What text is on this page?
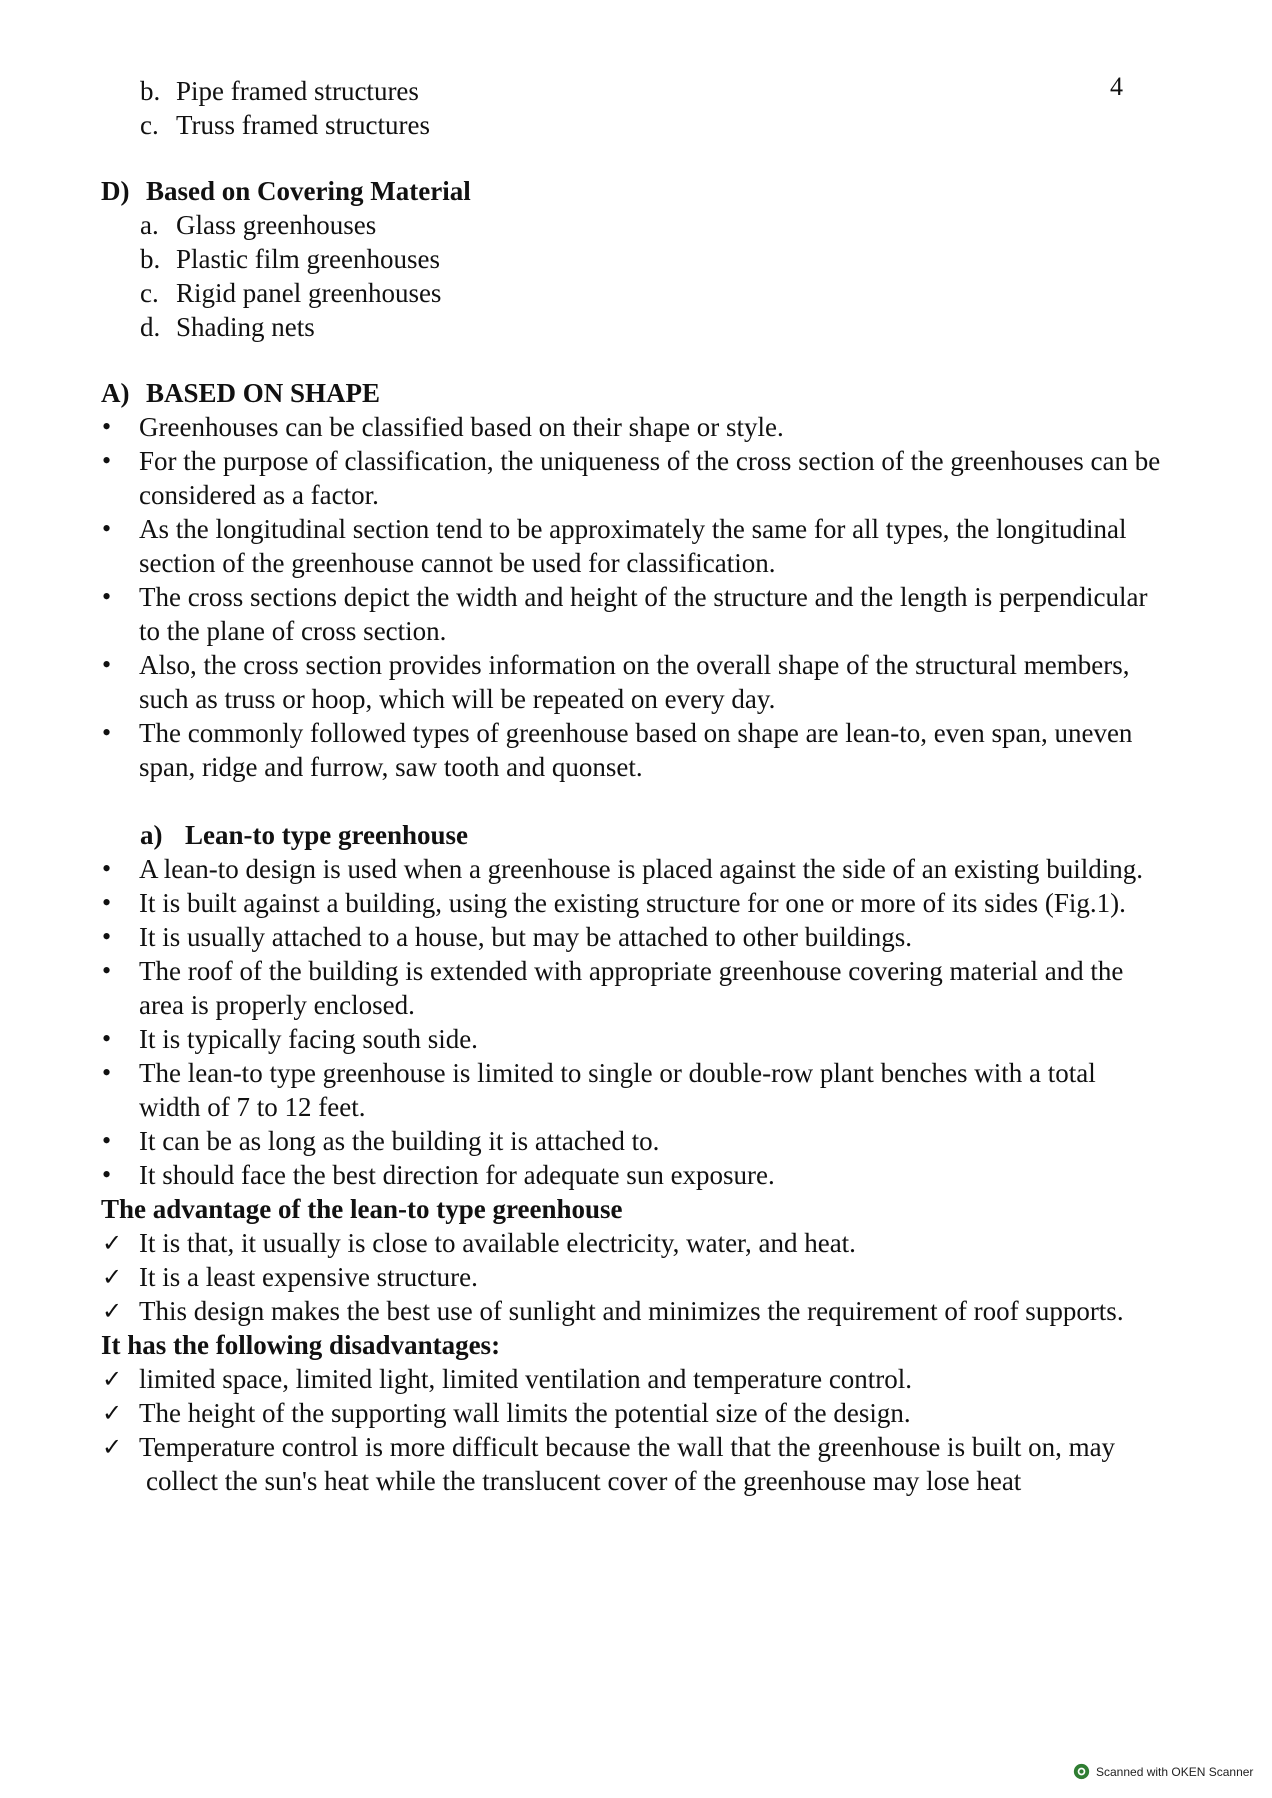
4
b. Pipe framed structures
c. Truss framed structures
D) Based on Covering Material
a. Glass greenhouses
b. Plastic film greenhouses
c. Rigid panel greenhouses
d. Shading nets
A) BASED ON SHAPE
• Greenhouses can be classified based on their shape or style.
• For the purpose of classification, the uniqueness of the cross section of the greenhouses can be considered as a factor.
• As the longitudinal section tend to be approximately the same for all types, the longitudinal section of the greenhouse cannot be used for classification.
• The cross sections depict the width and height of the structure and the length is perpendicular to the plane of cross section.
• Also, the cross section provides information on the overall shape of the structural members, such as truss or hoop, which will be repeated on every day.
• The commonly followed types of greenhouse based on shape are lean-to, even span, uneven span, ridge and furrow, saw tooth and quonset.
a) Lean-to type greenhouse
• A lean-to design is used when a greenhouse is placed against the side of an existing building.
• It is built against a building, using the existing structure for one or more of its sides (Fig.1).
• It is usually attached to a house, but may be attached to other buildings.
• The roof of the building is extended with appropriate greenhouse covering material and the area is properly enclosed.
• It is typically facing south side.
• The lean-to type greenhouse is limited to single or double-row plant benches with a total width of 7 to 12 feet.
• It can be as long as the building it is attached to.
• It should face the best direction for adequate sun exposure.
The advantage of the lean-to type greenhouse
✓ It is that, it usually is close to available electricity, water, and heat.
✓ It is a least expensive structure.
✓ This design makes the best use of sunlight and minimizes the requirement of roof supports.
It has the following disadvantages:
✓ limited space, limited light, limited ventilation and temperature control.
✓ The height of the supporting wall limits the potential size of the design.
✓ Temperature control is more difficult because the wall that the greenhouse is built on, may
collect the sun's heat while the translucent cover of the greenhouse may lose heat
Scanned with OKEN Scanner
